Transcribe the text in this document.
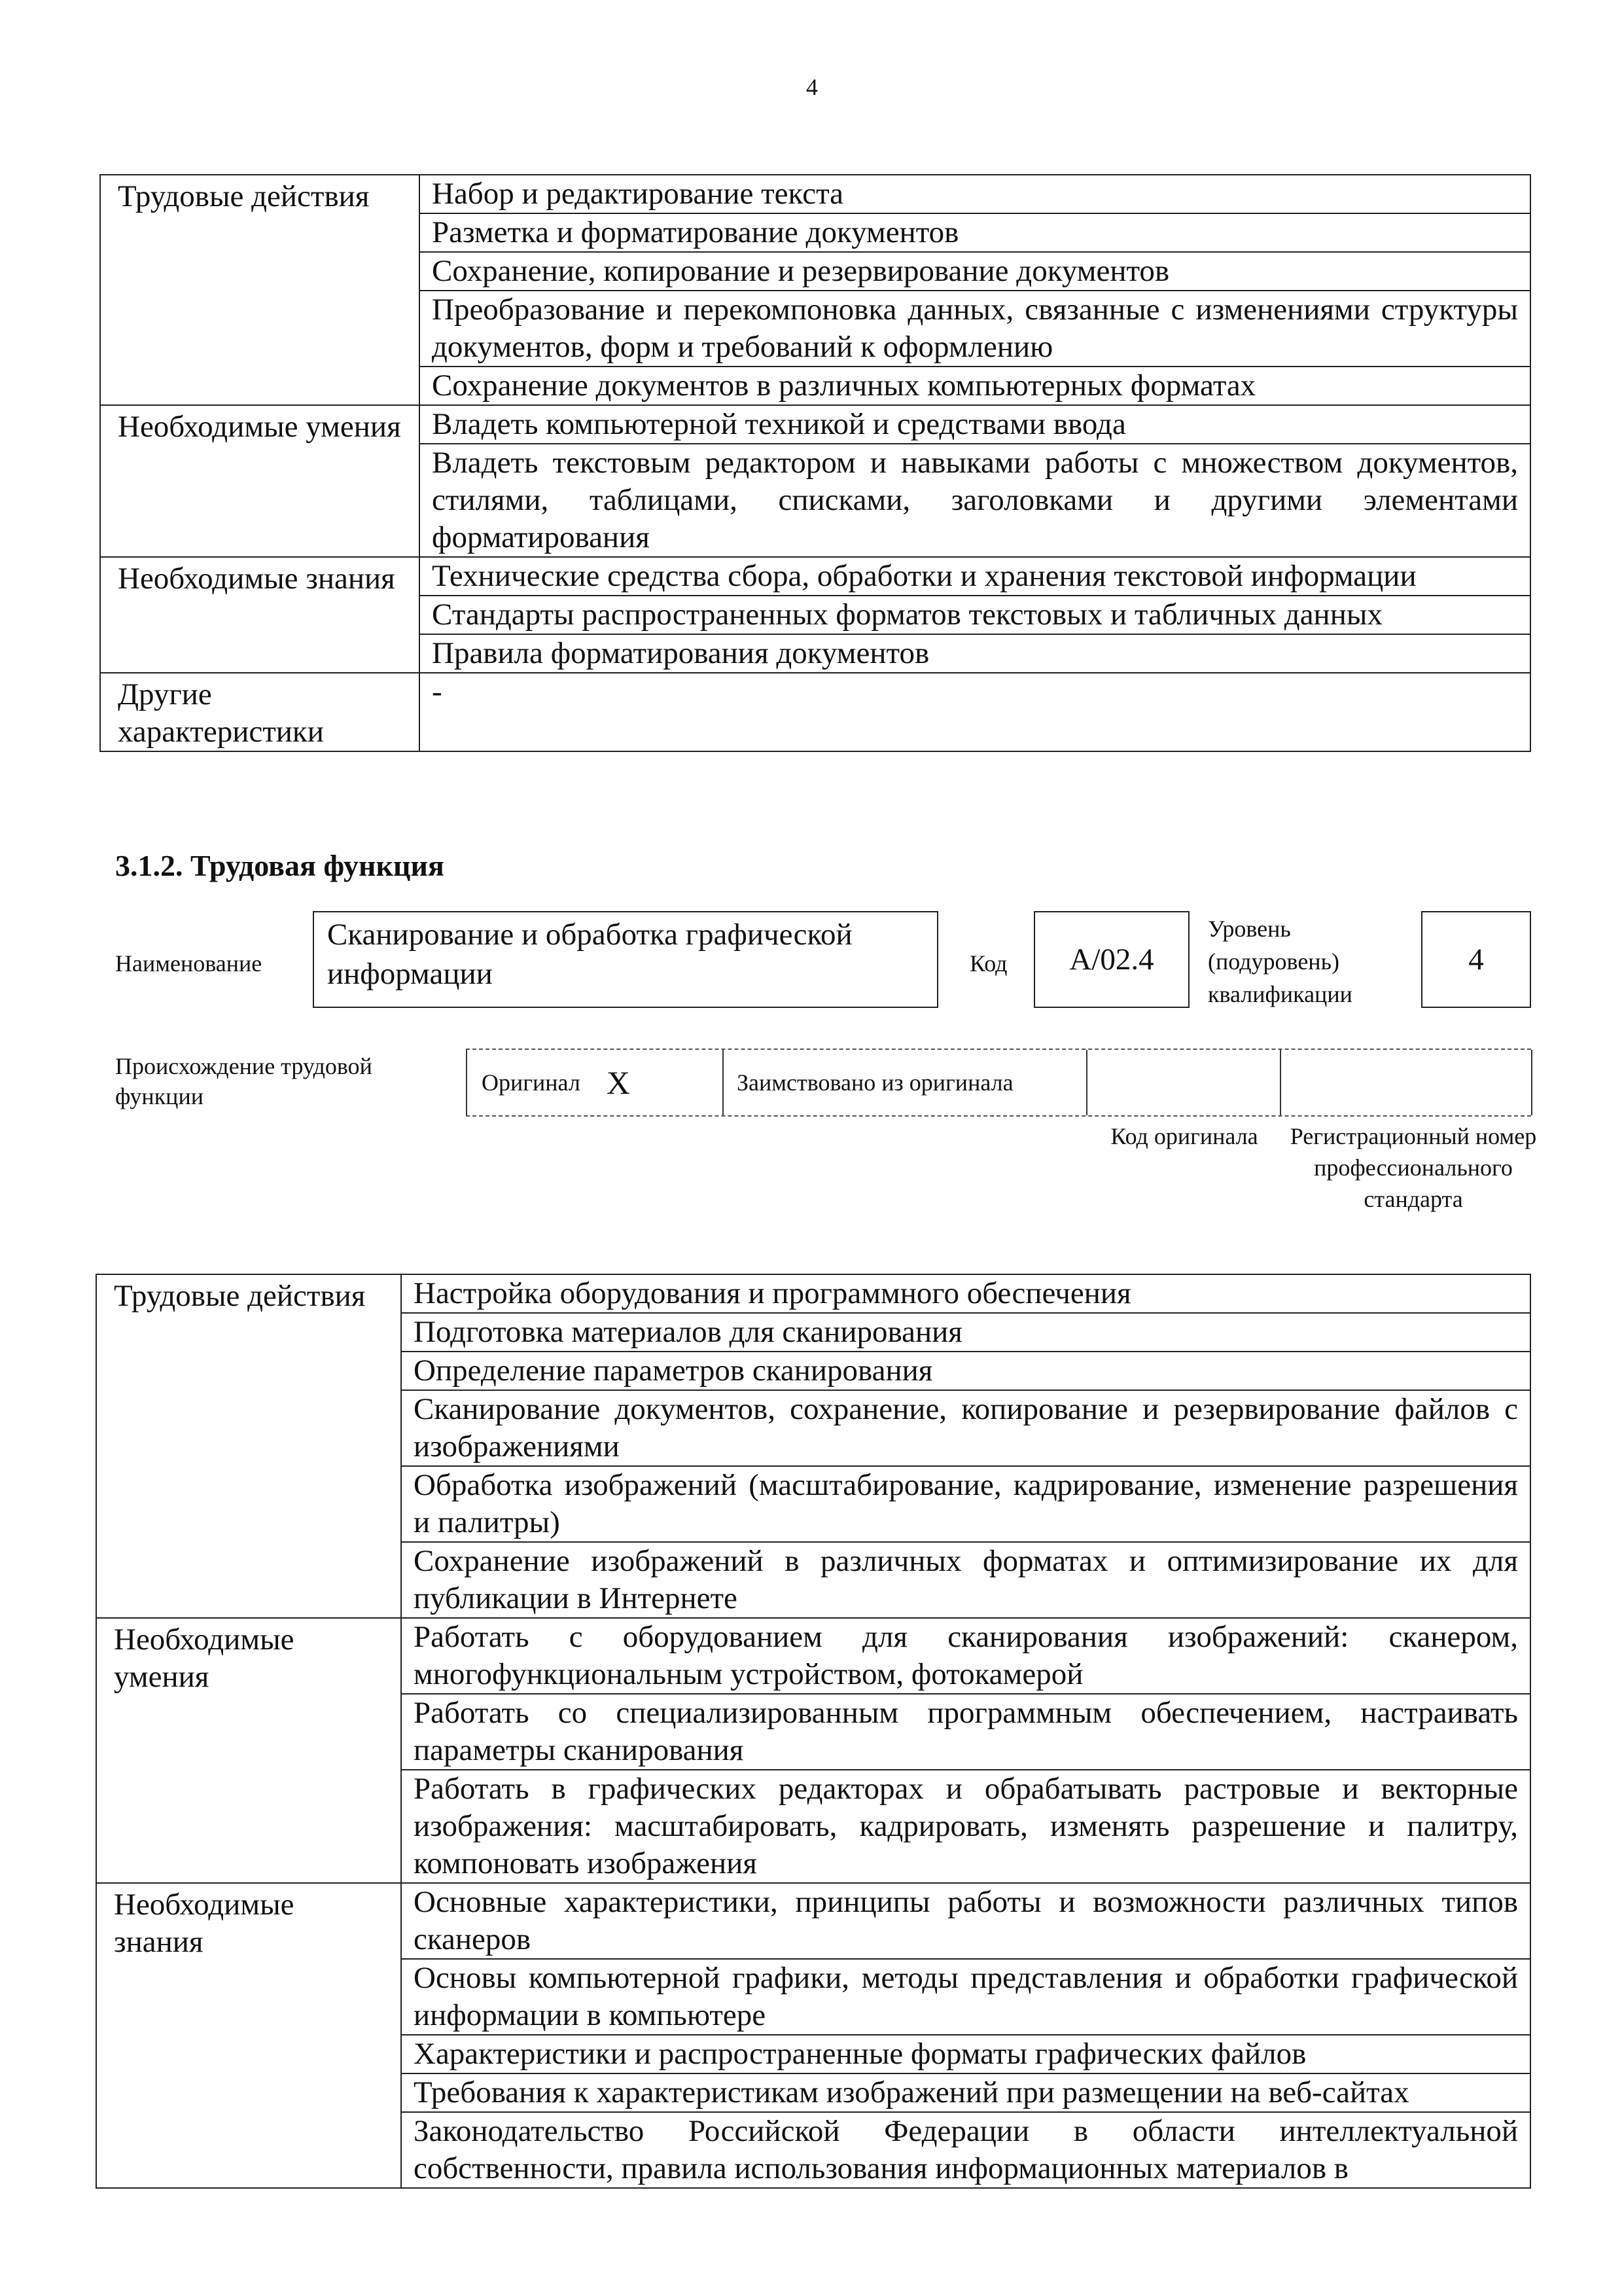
4
Трудовые действия	Набор и редактирование текста
	Разметка и форматирование документов
	Сохранение, копирование и резервирование документов
	Преобразование и перекомпоновка данных, связанные с изменениями структуры документов, форм и требований к оформлению
	Сохранение документов в различных компьютерных форматах
Необходимые умения	Владеть компьютерной техникой и средствами ввода
	Владеть текстовым редактором и навыками работы с множеством документов, стилями, таблицами, списками, заголовками и другими элементами форматирования
Необходимые знания	Технические средства сбора, обработки и хранения текстовой информации
	Стандарты распространенных форматов текстовых и табличных данных
	Правила форматирования документов
Другие характеристики	-
3.1.2. Трудовая функция
Наименование
Сканирование и обработка графической информации	Код	A/02.4
Уровень (подуровень) квалификации
4
Происхождение трудовой функции
Оригинал Х	Заимствовано из оригинала
Код оригинала	Регистрационный номер профессионального стандарта
Трудовые действия	Настройка оборудования и программного обеспечения
	Подготовка материалов для сканирования
	Определение параметров сканирования
	Сканирование документов, сохранение, копирование и резервирование файлов с изображениями
	Обработка изображений (масштабирование, кадрирование, изменение разрешения и палитры)
	Сохранение изображений в различных форматах и оптимизирование их для публикации в Интернете
Необходимые умения	Работать с оборудованием для сканирования изображений: сканером, многофункциональным устройством, фотокамерой
	Работать со специализированным программным обеспечением, настраивать параметры сканирования
	Работать в графических редакторах и обрабатывать растровые и векторные изображения: масштабировать, кадрировать, изменять разрешение и палитру, компоновать изображения
Необходимые знания	Основные характеристики, принципы работы и возможности различных типов сканеров
	Основы компьютерной графики, методы представления и обработки графической информации в компьютере
	Характеристики и распространенные форматы графических файлов
	Требования к характеристикам изображений при размещении на веб-сайтах
	Законодательство Российской Федерации в области интеллектуальной собственности, правила использования информационных материалов в
